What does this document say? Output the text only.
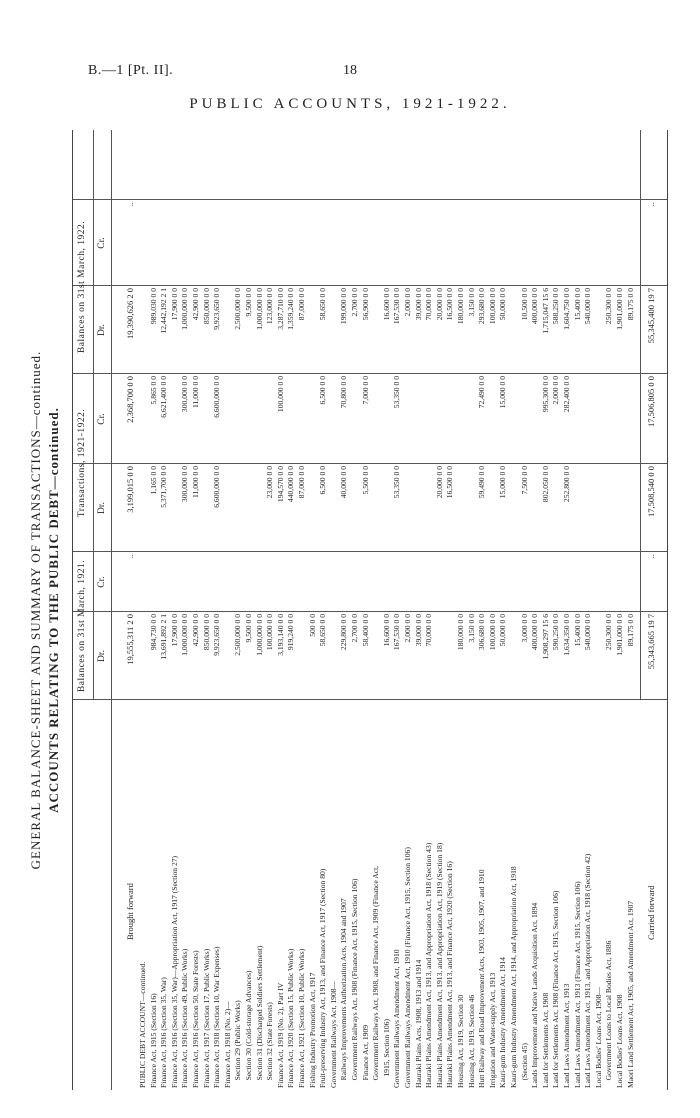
B.—1 [Pt. II].	18
PUBLIC ACCOUNTS, 1921-1922.
GENERAL BALANCE-SHEET AND SUMMARY OF TRANSACTIONS—continued. ACCOUNTS RELATING TO THE PUBLIC DEBT—continued. Balances on 31st March, 1921.
Transactions, 1921-1922.
Balances on 31st March, 1922.
Dr.
Cr.
Dr.
Cr.
Dr.
Cr.
Brought forward
19,555,311 2 0
..
3,199,015 0 0
2,368,700 0 0
19,390,626 2 0
..
PUBLIC DEBT ACCOUNT—continued. Finance Act, 1915 (Section 16)
984,730 0 0
1,165 0 0
5,865 0 0
989,030 0 0
Finance Act, 1916 (Section 35, War)
13,691,892 2 1
5,371,700 0 0
6,621,400 0 0
12,442,192 2 1
Finance Act, 1916 (Section 35, War)—Appropriation Act, 1917 (Section 27)
17,900 0 0
17,900 0 0
Finance Act, 1916 (Section 49, Public Works)
1,000,000 0 0
300,000 0 0
300,000 0 0
1,000,000 0 0
Finance Act, 1916 (Section 50, State Forests)
42,900 0 0
11,000 0 0
11,000 0 0
42,900 0 0
Finance Act, 1917 (Section 17, Public Works)
850,000 0 0
850,000 0 0
Finance Act, 1918 (Section 10, War Expenses)
9,923,650 0 0
6,600,000 0 0
6,600,000 0 0
9,923,650 0 0
Finance Act, 1918 (No. 2)— Section 29 (Public Works)
2,500,000 0 0
2,500,000 0 0
Section 30 (Cold-storage Advances)
9,500 0 0
9,500 0 0
Section 31 (Discharged Soldiers Settlement)
1,000,000 0 0
1,000,000 0 0
Section 32 (State Forests)
100,000 0 0
23,000 0 0
123,000 0 0
Finance Act, 1919 (No. 2), Part IV
3,193,140 0 0
194,570 0 0
100,000 0 0
3,287,710 0 0
Finance Act, 1920 (Section 15, Public Works)
919,240 0 0
440,000 0 0
1,359,240 0 0
Finance Act, 1921 (Section 10, Public Works)
87,000 0 0
87,000 0 0
Fishing Industry Promotion Act, 1917
500 0 0
Fruit-preserving Industry Act, 1913, and Finance Act, 1917 (Section 80)
58,650 0 0
6,500 0 0
6,500 0 0
58,650 0 0
Government Railways Act, 1908— Railways Improvements Authorization Acts, 1904 and 1907
229,800 0 0
40,000 0 0
70,800 0 0
199,000 0 0
Government Railways Act, 1908 (Finance Act, 1915, Section 106)
2,700 0 0
2,700 0 0
Finance Act, 1909
58,400 0 0
5,500 0 0
7,000 0 0
56,900 0 0
Government Railways Act, 1908, and Finance Act, 1909 (Finance Act, 1915, Section 106)
16,600 0 0
16,600 0 0
Government Railways Amendment Act, 1910
167,530 0 0
53,350 0 0
53,350 0 0
167,530 0 0
Government Railways Amendment Act, 1910 (Finance Act, 1915, Section 106)
2,000 0 0
2,000 0 0
Hauraki Plains Acts, 1908, 1913 and 1914
39,000 0 0
39,000 0 0
Hauraki Plains Amendment Act, 1913, and Appropriation Act, 1918 (Section 43)
70,000 0 0
70,000 0 0
Hauraki Plains Amendment Act, 1913, and Appropriation Act, 1919 (Section 18)
20,000 0 0
20,000 0 0
Hauraki Plains Amendment Act, 1913, and Finance Act, 1920 (Section 16)
16,500 0 0
16,500 0 0
Housing Act, 1919, Section 30
180,000 0 0
180,000 0 0
Housing Act, 1919, Section 46
3,150 0 0
3,150 0 0
Hutt Railway and Road Improvement Acts, 1903, 1905, 1907, and 1910
306,680 0 0
59,490 0 0
72,490 0 0
293,680 0 0
Irrigation and Water-supply Act, 1913
100,000 0 0
100,000 0 0
Kauri-gum Industry Amendment Act, 1914
50,000 0 0
15,000 0 0
15,000 0 0
50,000 0 0
Kauri-gum Industry Amendment Act, 1914, and Appropriation Act, 1918 (Section 45)
3,000 0 0
7,500 0 0
10,500 0 0
Lands Improvement and Native Lands Acquisition Act, 1894
400,000 0 0
400,000 0 0
Land for Settlements Act, 1908
1,908,297 15 6
802,050 0 0
995,300 0 0
1,715,047 15 6
Land for Settlements Act, 1908 (Finance Act, 1915, Section 106)
590,250 0 0
2,000 0 0
588,250 0 0
Land Laws Amendment Act, 1913
1,634,350 0 0
252,800 0 0
282,400 0 0
1,604,750 0 0
Land Laws Amendment Act, 1913 (Finance Act, 1915, Section 106)
15,400 0 0
15,400 0 0
Land Laws Amendment Act, 1913, and Appropriation Act, 1918 (Section 42)
540,000 0 0
540,000 0 0
Local Bodies' Loans Act, 1908— Government Loans to Local Bodies Act, 1886
250,300 0 0
250,300 0 0
Local Bodies' Loans Act, 1908
1,901,000 0 0
1,901,000 0 0
Maori Land Settlement Act, 1905, and Amendment Act, 1907
89,175 0 0
89,175 0 0
Carried forward
55,343,665 19 7
..
17,508,540 0 0
17,506,805 0 0
55,345,400 19 7
..
